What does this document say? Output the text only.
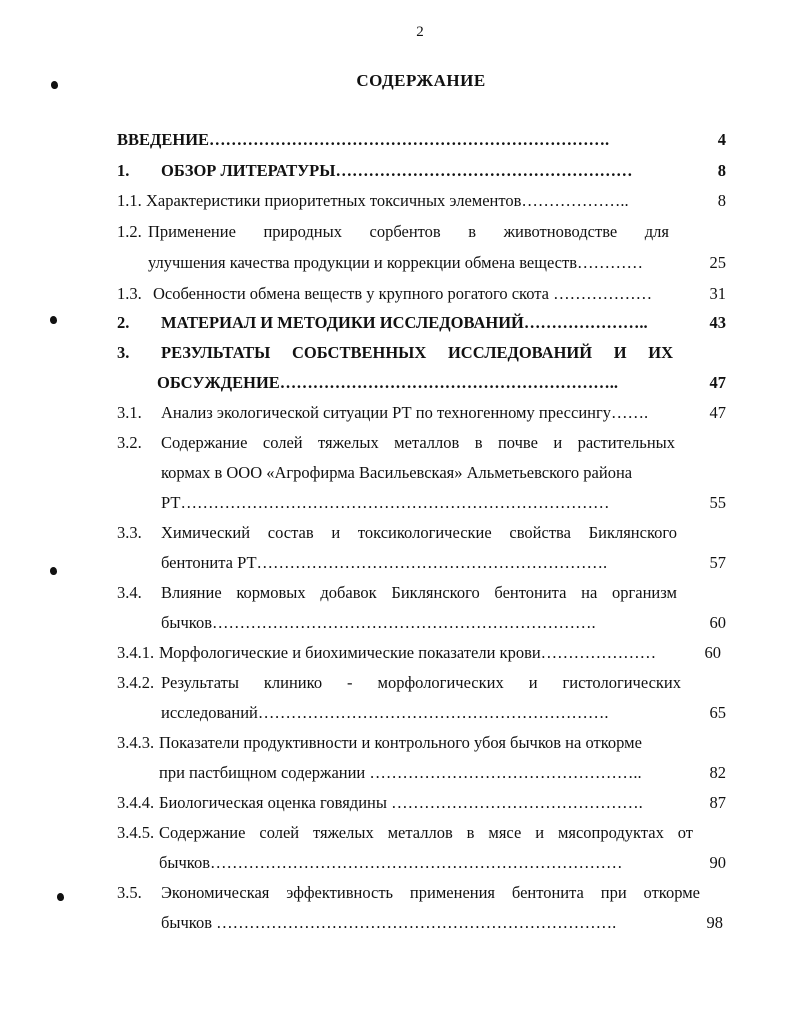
2
СОДЕРЖАНИЕ
ВВЕДЕНИЕ……………………………………………………………….	4
1.	ОБЗОР ЛИТЕРАТУРЫ………………………………………………	8
1.1. Характеристики приоритетных токсичных элементов………………..	8
1.2. Применение природных сорбентов в животноводстве для
улучшения качества продукции и коррекции обмена веществ…………	25
1.3. Особенности обмена веществ у крупного рогатого скота ………………	31
2.	МАТЕРИАЛ И МЕТОДИКИ ИССЛЕДОВАНИЙ…………………..	43
3.	РЕЗУЛЬТАТЫ СОБСТВЕННЫХ ИССЛЕДОВАНИЙ И ИХ
ОБСУЖДЕНИЕ……………………………………………………..	47
3.1.	Анализ экологической ситуации РТ по техногенному прессингу…….	47
3.2.	Содержание солей тяжелых металлов в почве и растительных
кормах в ООО «Агрофирма Васильевская» Альметьевского района
РТ……………………………………………………………………	55
3.3.	Химический состав и токсикологические свойства Биклянского
бентонита РТ……………………………………………………….	57
3.4.	Влияние кормовых добавок Биклянского бентонита на организм
бычков…………………………………………………………….	60
3.4.1. Морфологические и биохимические показатели крови…………………	60
3.4.2. Результаты клинико - морфологических и гистологических
исследований……………………………………………………….	65
3.4.3. Показатели продуктивности и контрольного убоя бычков на откорме
при пастбищном содержании …………………………………………..	82
3.4.4. Биологическая оценка говядины ……………………………………….	87
3.4.5. Содержание солей тяжелых металлов в мясе и мясопродуктах от
бычков…………………………………………………………………	90
3.5.	Экономическая эффективность применения бентонита при откорме
бычков ……………………………………………………………….	98
